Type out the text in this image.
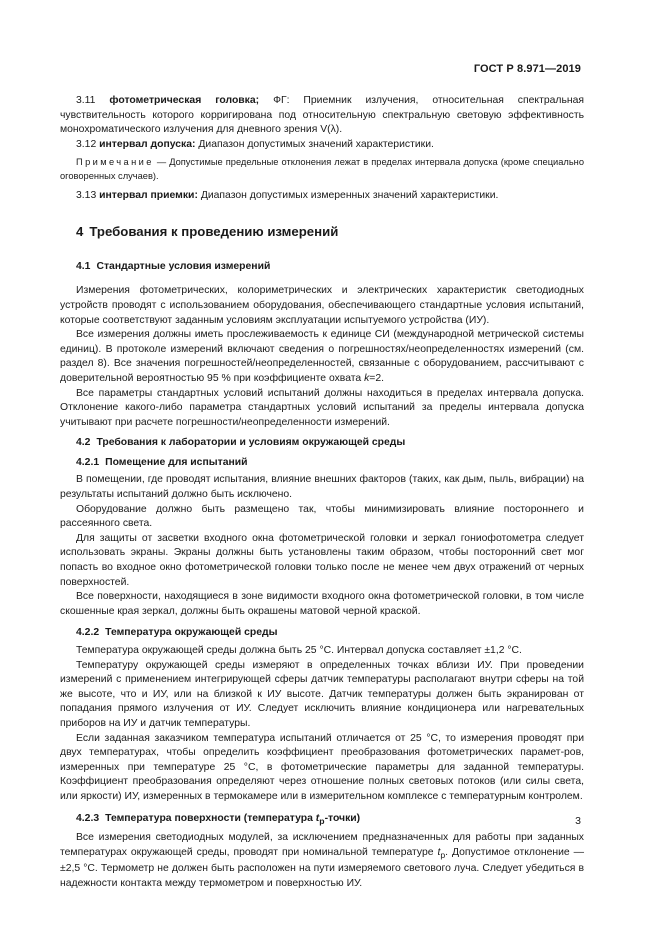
ГОСТ Р 8.971—2019

3.11 фотометрическая головка; ФГ: Приемник излучения, относительная спектральная чувствительность которого корригирована под относительную спектральную световую эффективность монохроматического излучения для дневного зрения V(λ).

3.12 интервал допуска: Диапазон допустимых значений характеристики.

Примечание — Допустимые предельные отклонения лежат в пределах интервала допуска (кроме специально оговоренных случаев).

3.13 интервал приемки: Диапазон допустимых измеренных значений характеристики.

4 Требования к проведению измерений
4.1 Стандартные условия измерений

Измерения фотометрических, колориметрических и электрических характеристик светодиодных устройств проводят с использованием оборудования, обеспечивающего стандартные условия испытаний, которые соответствуют заданным условиям эксплуатации испытуемого устройства (ИУ).

Все измерения должны иметь прослеживаемость к единице СИ (международной метрической системы единиц). В протоколе измерений включают сведения о погрешностях/неопределенностях измерений (см. раздел 8). Все значения погрешностей/неопределенностей, связанные с оборудованием, рассчитывают с доверительной вероятностью 95 % при коэффициенте охвата k=2.

Все параметры стандартных условий испытаний должны находиться в пределах интервала допуска. Отклонение какого-либо параметра стандартных условий испытаний за пределы интервала допуска учитывают при расчете погрешности/неопределенности измерений.

4.2 Требования к лаборатории и условиям окружающей среды
4.2.1 Помещение для испытаний

В помещении, где проводят испытания, влияние внешних факторов (таких, как дым, пыль, вибрации) на результаты испытаний должно быть исключено.

Оборудование должно быть размещено так, чтобы минимизировать влияние постороннего и рассеянного света.

Для защиты от засветки входного окна фотометрической головки и зеркал гониофотометра следует использовать экраны. Экраны должны быть установлены таким образом, чтобы посторонний свет мог попасть во входное окно фотометрической головки только после не менее чем двух отражений от черных поверхностей.

Все поверхности, находящиеся в зоне видимости входного окна фотометрической головки, в том числе скошенные края зеркал, должны быть окрашены матовой черной краской.

4.2.2 Температура окружающей среды

Температура окружающей среды должна быть 25 °С. Интервал допуска составляет ±1,2 °С.

Температуру окружающей среды измеряют в определенных точках вблизи ИУ. При проведении измерений с применением интегрирующей сферы датчик температуры располагают внутри сферы на той же высоте, что и ИУ, или на близкой к ИУ высоте. Датчик температуры должен быть экранирован от попадания прямого излучения от ИУ. Следует исключить влияние кондиционера или нагревательных приборов на ИУ и датчик температуры.

Если заданная заказчиком температура испытаний отличается от 25 °С, то измерения проводят при двух температурах, чтобы определить коэффициент преобразования фотометрических парамет-ров, измеренных при температуре 25 °С, в фотометрические параметры для заданной температуры. Коэффициент преобразования определяют через отношение полных световых потоков (или силы света, или яркости) ИУ, измеренных в термокамере или в измерительном комплексе с температурным контролем.

4.2.3 Температура поверхности (температура $t_p-точки$)

Все измерения светодиодных модулей, за исключением предназначенных для работы при заданных температурах окружающей среды, проводят при номинальной температуре $t_p$. Допустимое отклонение — ±2,5 °С. Термометр не должен быть расположен на пути измеряемого светового луча. Следует убедиться в надежности контакта между термометром и поверхностью ИУ.

3
